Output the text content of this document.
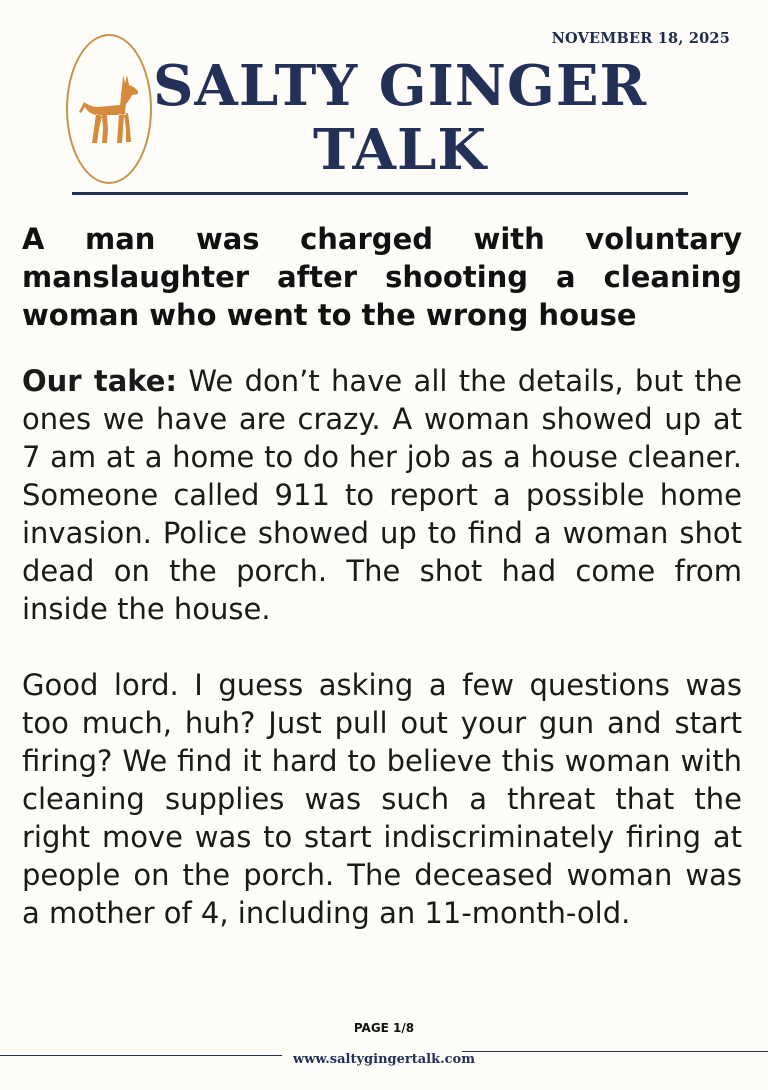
NOVEMBER 18, 2025
SALTY GINGER
TALK
A man was charged with voluntary manslaughter after shooting a cleaning woman who went to the wrong house

Our take: We don’t have all the details, but the ones we have are crazy. A woman showed up at 7 am at a home to do her job as a house cleaner. Someone called 911 to report a possible home invasion. Police showed up to find a woman shot dead on the porch. The shot had come from inside the house.

Good lord. I guess asking a few questions was too much, huh? Just pull out your gun and start firing? We find it hard to believe this woman with cleaning supplies was such a threat that the right move was to start indiscriminately firing at people on the porch. The deceased woman was a mother of 4, including an 11-month-old.

PAGE 1/8
www.saltygingertalk.com
